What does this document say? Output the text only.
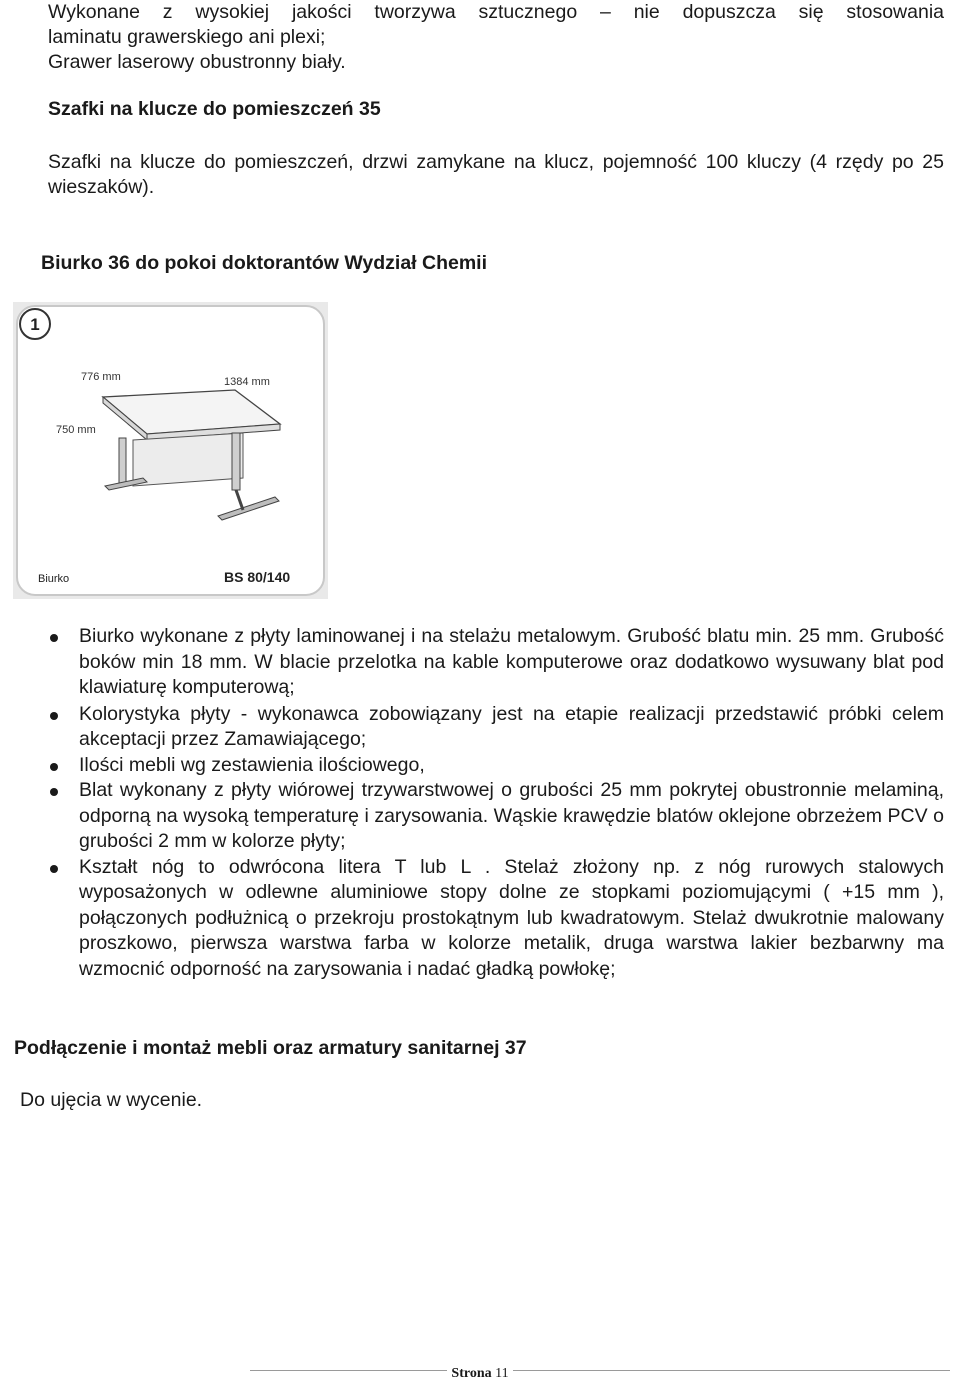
Wykonane z wysokiej jakości tworzywa sztucznego – nie dopuszcza się stosowania
laminatu grawerskiego ani plexi;
Grawer laserowy obustronny biały.
Szafki na klucze do pomieszczeń 35
Szafki na klucze do pomieszczeń, drzwi zamykane na klucz, pojemność 100 kluczy (4 rzędy po 25 wieszaków).
Biurko 36 do pokoi doktorantów Wydział Chemii
1
776 mm	1384 mm
750 mm
Biurko	BS 80/140
Biurko wykonane z płyty laminowanej i na stelażu metalowym. Grubość blatu min. 25 mm. Grubość boków min 18 mm. W blacie przelotka na kable komputerowe oraz dodatkowo wysuwany blat pod klawiaturę komputerową;
Kolorystyka płyty - wykonawca zobowiązany jest na etapie realizacji przedstawić próbki celem akceptacji przez Zamawiającego;
Ilości mebli wg zestawienia ilościowego,
Blat wykonany z płyty wiórowej trzywarstwowej o grubości 25 mm pokrytej obustronnie melaminą, odporną na wysoką temperaturę i zarysowania. Wąskie krawędzie blatów oklejone obrzeżem PCV o grubości 2 mm w kolorze płyty;
Kształt nóg to odwrócona litera T lub L . Stelaż złożony np. z nóg rurowych stalowych wyposażonych w odlewne aluminiowe stopy dolne ze stopkami poziomującymi ( +15 mm ), połączonych podłużnicą o przekroju prostokątnym lub kwadratowym. Stelaż dwukrotnie malowany proszkowo, pierwsza warstwa farba w kolorze metalik, druga warstwa lakier bezbarwny ma wzmocnić odporność na zarysowania i nadać gładką powłokę;
Podłączenie i montaż mebli oraz armatury sanitarnej 37
Do ujęcia w wycenie.
Strona 11
